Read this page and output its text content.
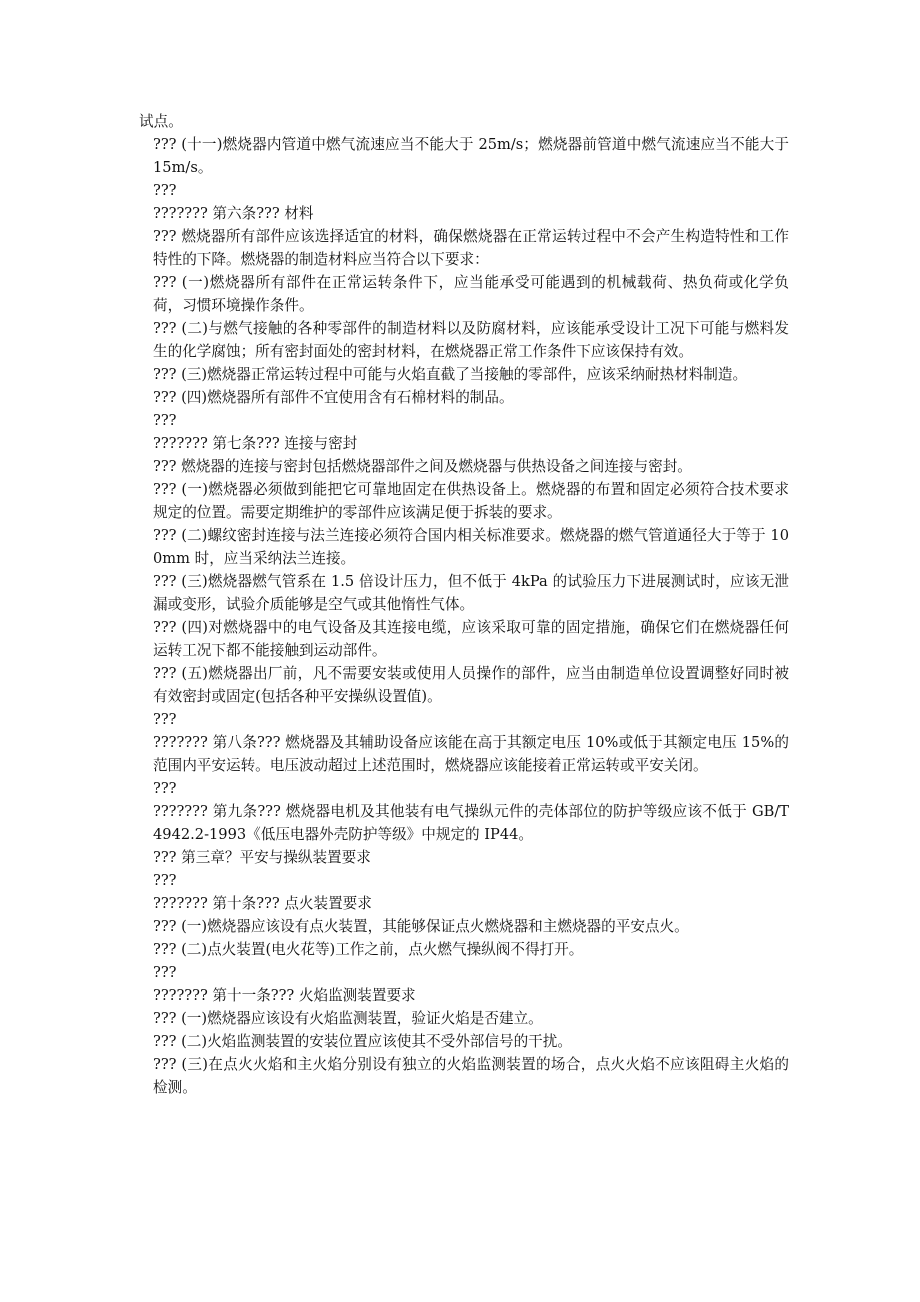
试点。
??? (十一)燃烧器内管道中燃气流速应当不能大于 25m/s；燃烧器前管道中燃气流速应当不能大于 15m/s。
???
??????? 第六条??? 材料
??? 燃烧器所有部件应该选择适宜的材料，确保燃烧器在正常运转过程中不会产生构造特性和工作特性的下降。燃烧器的制造材料应当符合以下要求：
??? (一)燃烧器所有部件在正常运转条件下，应当能承受可能遇到的机械载荷、热负荷或化学负荷，习惯环境操作条件。
??? (二)与燃气接触的各种零部件的制造材料以及防腐材料，应该能承受设计工况下可能与燃料发生的化学腐蚀；所有密封面处的密封材料，在燃烧器正常工作条件下应该保持有效。
??? (三)燃烧器正常运转过程中可能与火焰直截了当接触的零部件，应该采纳耐热材料制造。
??? (四)燃烧器所有部件不宜使用含有石棉材料的制品。
???
??????? 第七条??? 连接与密封
??? 燃烧器的连接与密封包括燃烧器部件之间及燃烧器与供热设备之间连接与密封。
??? (一)燃烧器必须做到能把它可靠地固定在供热设备上。燃烧器的布置和固定必须符合技术要求规定的位置。需要定期维护的零部件应该满足便于拆装的要求。
??? (二)螺纹密封连接与法兰连接必须符合国内相关标准要求。燃烧器的燃气管道通径大于等于 100mm 时，应当采纳法兰连接。
??? (三)燃烧器燃气管系在 1.5 倍设计压力，但不低于 4kPa 的试验压力下进展测试时，应该无泄漏或变形，试验介质能够是空气或其他惰性气体。
??? (四)对燃烧器中的电气设备及其连接电缆，应该采取可靠的固定措施，确保它们在燃烧器任何运转工况下都不能接触到运动部件。
??? (五)燃烧器出厂前，凡不需要安装或使用人员操作的部件，应当由制造单位设置调整好同时被有效密封或固定(包括各种平安操纵设置值)。
???
??????? 第八条??? 燃烧器及其辅助设备应该能在高于其额定电压 10%或低于其额定电压 15%的范围内平安运转。电压波动超过上述范围时，燃烧器应该能接着正常运转或平安关闭。
???
??????? 第九条??? 燃烧器电机及其他装有电气操纵元件的壳体部位的防护等级应该不低于 GB/T 4942.2-1993《低压电器外壳防护等级》中规定的 IP44。
??? 第三章？平安与操纵装置要求
???
??????? 第十条??? 点火装置要求
??? (一)燃烧器应该设有点火装置，其能够保证点火燃烧器和主燃烧器的平安点火。
??? (二)点火装置(电火花等)工作之前，点火燃气操纵阀不得打开。
???
??????? 第十一条??? 火焰监测装置要求
??? (一)燃烧器应该设有火焰监测装置，验证火焰是否建立。
??? (二)火焰监测装置的安装位置应该使其不受外部信号的干扰。
??? (三)在点火火焰和主火焰分别设有独立的火焰监测装置的场合，点火火焰不应该阻碍主火焰的检测。
